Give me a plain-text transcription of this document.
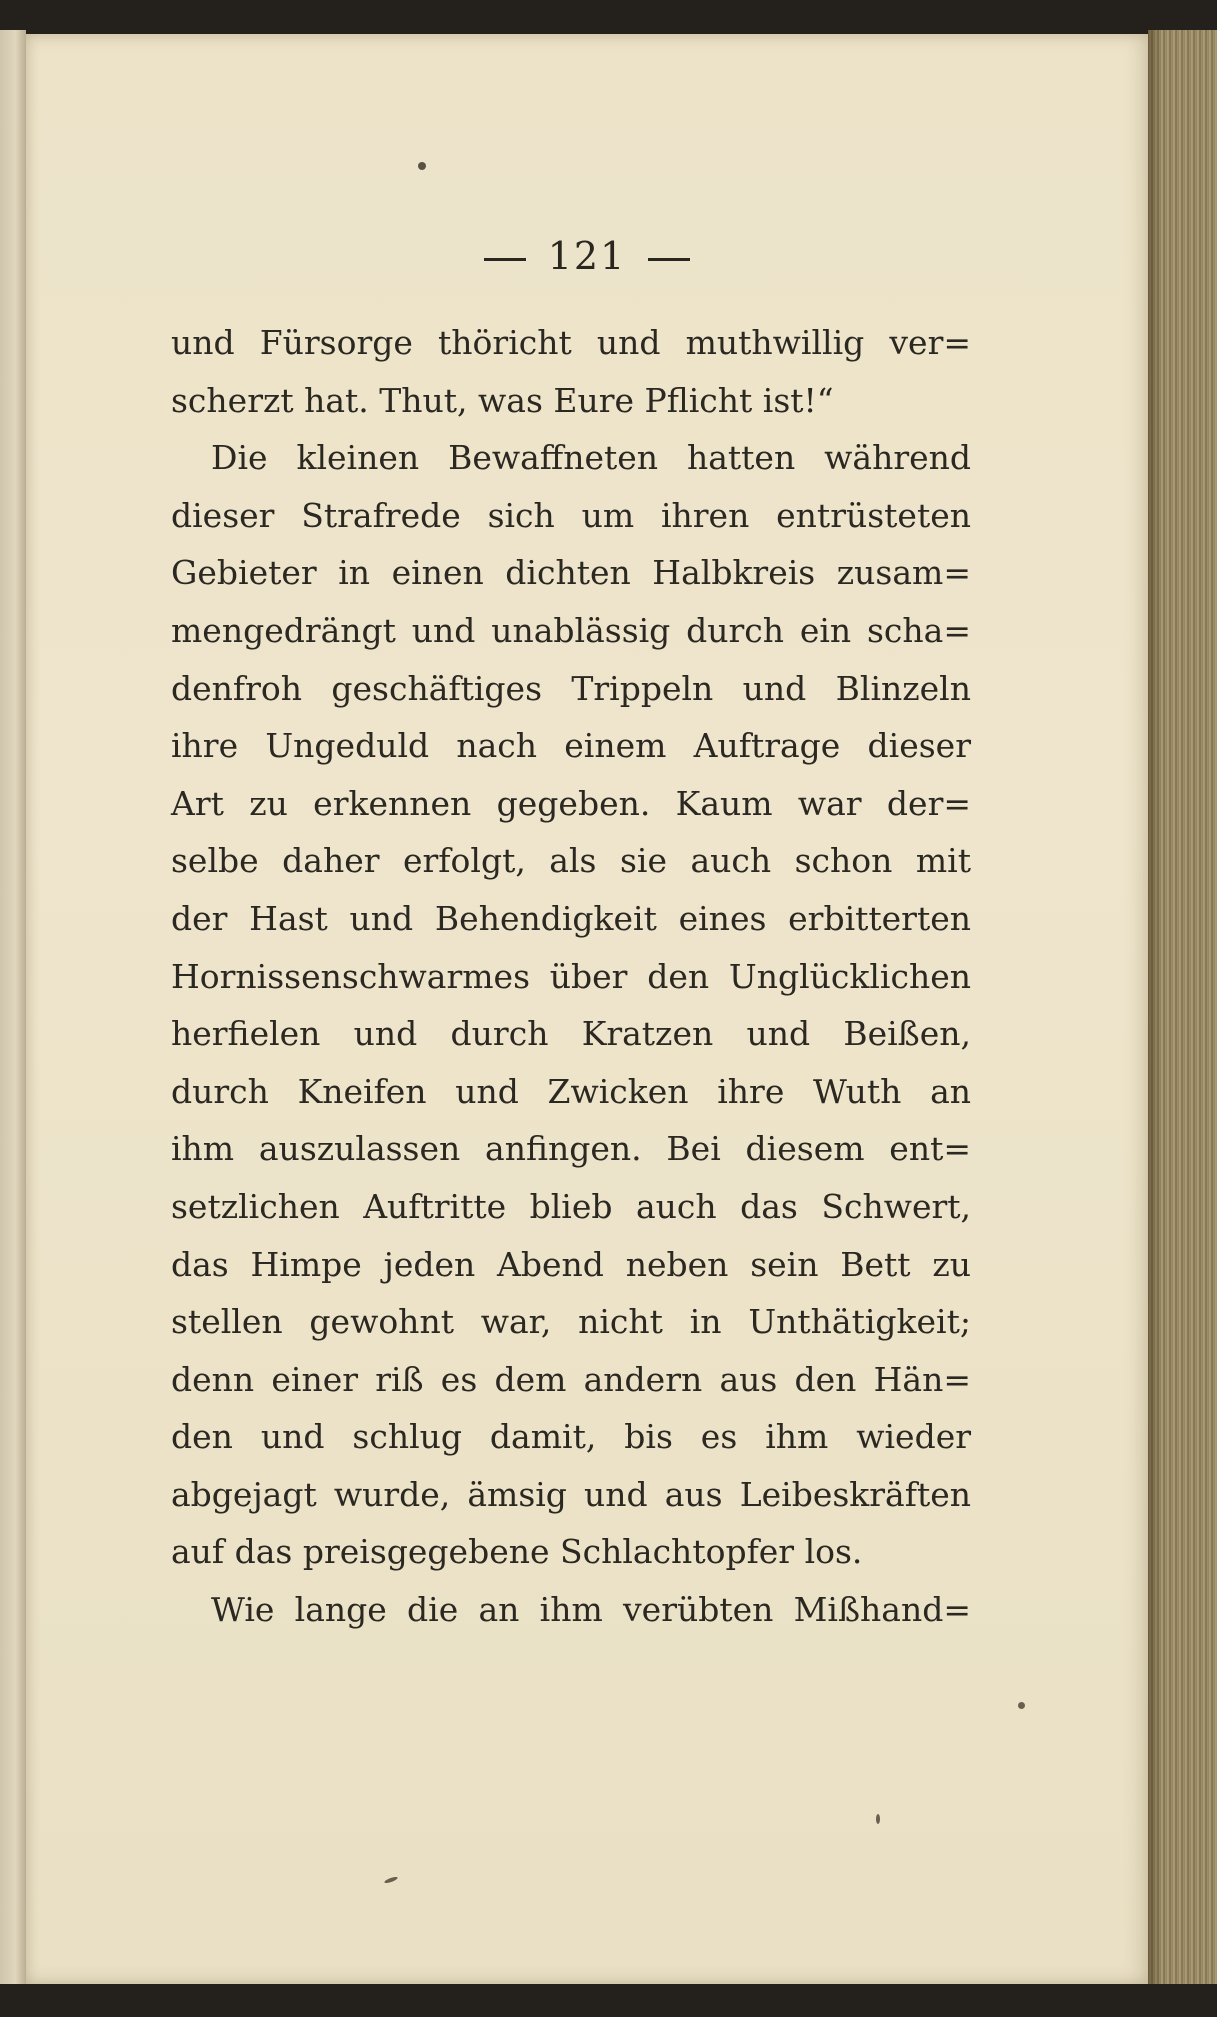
121
und Fürsorge thöricht und muthwillig ver=
scherzt hat. Thut, was Eure Pflicht ist!“
Die kleinen Bewaffneten hatten während
dieser Strafrede sich um ihren entrüsteten
Gebieter in einen dichten Halbkreis zusam=
mengedrängt und unablässig durch ein scha=
denfroh geschäftiges Trippeln und Blinzeln
ihre Ungeduld nach einem Auftrage dieser
Art zu erkennen gegeben. Kaum war der=
selbe daher erfolgt, als sie auch schon mit
der Hast und Behendigkeit eines erbitterten
Hornissenschwarmes über den Unglücklichen
herfielen und durch Kratzen und Beißen,
durch Kneifen und Zwicken ihre Wuth an
ihm auszulassen anfingen. Bei diesem ent=
setzlichen Auftritte blieb auch das Schwert,
das Himpe jeden Abend neben sein Bett zu
stellen gewohnt war, nicht in Unthätigkeit;
denn einer riß es dem andern aus den Hän=
den und schlug damit, bis es ihm wieder
abgejagt wurde, ämsig und aus Leibeskräften
auf das preisgegebene Schlachtopfer los.
Wie lange die an ihm verübten Mißhand=
